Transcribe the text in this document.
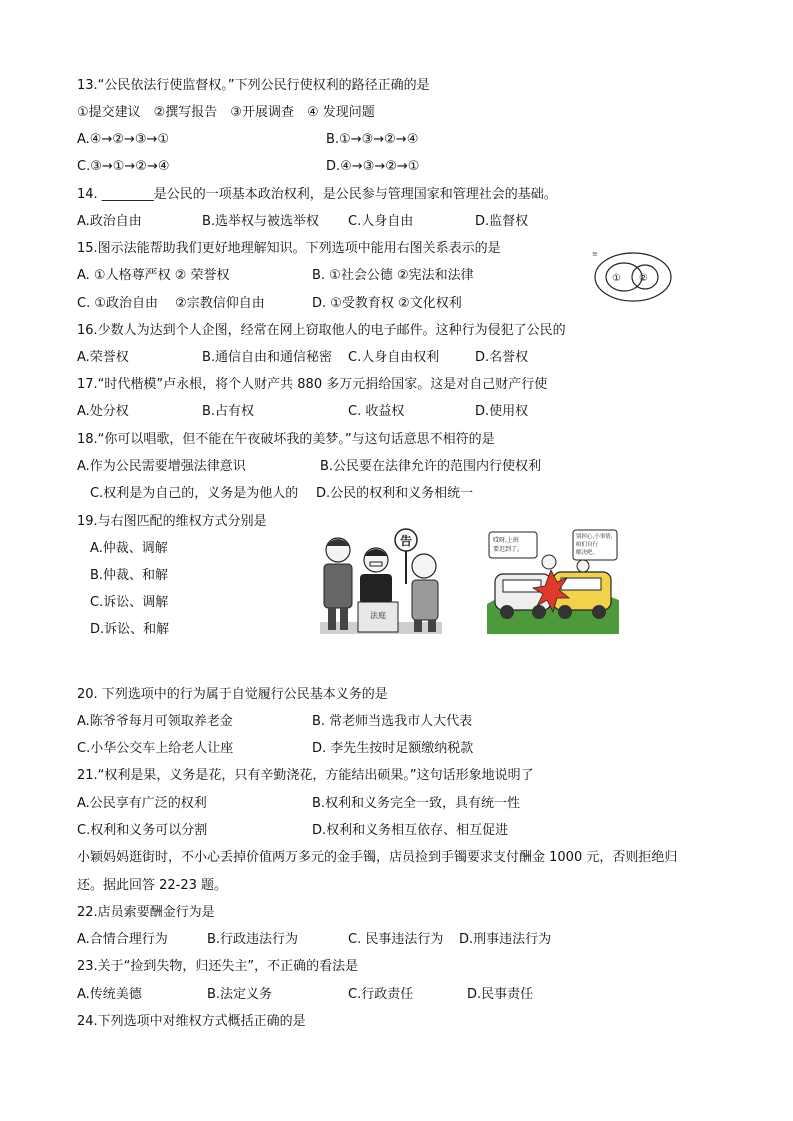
13.“公民依法行使监督权。”下列公民行使权利的路径正确的是
①提交建议　②撰写报告　③开展调查　④ 发现问题
A.④→②→③→①	B.①→③→②→④
C.③→①→②→④	D.④→③→②→①
14. ________是公民的一项基本政治权利，是公民参与管理国家和管理社会的基础。
A.政治自由	B.选举权与被选举权 C.人身自由	D.监督权
15.图示法能帮助我们更好地理解知识。下列选项中能用右图关系表示的是
A. ①人格尊严权 ② 荣誉权	B. ①社会公德 ②宪法和法律
C. ①政治自由　 ②宗教信仰自由	D. ①受教育权 ②文化权利
≡
① ②
16.少数人为达到个人企图，经常在网上窃取他人的电子邮件。这种行为侵犯了公民的
A.荣誉权	B.通信自由和通信秘密 C.人身自由权利	D.名誉权
17.“时代楷模”卢永根，将个人财产共 880 多万元捐给国家。这是对自己财产行使
A.处分权	B.占有权	C. 收益权	D.使用权
18.“你可以唱歌，但不能在午夜破坏我的美梦。”与这句话意思不相符的是
A.作为公民需要增强法律意识	B.公民要在法律允许的范围内行使权利
C.权利是为自己的，义务是为他人的 D.公民的权利和义务相统一
19.与右图匹配的维权方式分别是
A.仲裁、调解
B.仲裁、和解
C.诉讼、调解
D.诉讼、和解
法庭
告	哎呀,上班 要迟到了。
别担心,小事情, 咱们自行 解决吧。
20. 下列选项中的行为属于自觉履行公民基本义务的是
A.陈爷爷每月可领取养老金	B. 常老师当选我市人大代表
C.小华公交车上给老人让座	D. 李先生按时足额缴纳税款
21.“权利是果，义务是花，只有辛勤浇花，方能结出硕果。”这句话形象地说明了
A.公民享有广泛的权利	B.权利和义务完全一致，具有统一性
C.权利和义务可以分割	D.权利和义务相互依存、相互促进
小颖妈妈逛街时，不小心丢掉价值两万多元的金手镯，店员捡到手镯要求支付酬金 1000 元，否则拒绝归
还。据此回答 22-23 题。
22.店员索要酬金行为是
A.合情合理行为	B.行政违法行为	C. 民事违法行为 D.刑事违法行为
23.关于“捡到失物，归还失主”，不正确的看法是
A.传统美德	B.法定义务	C.行政责任	D.民事责任
24.下列选项中对维权方式概括正确的是
